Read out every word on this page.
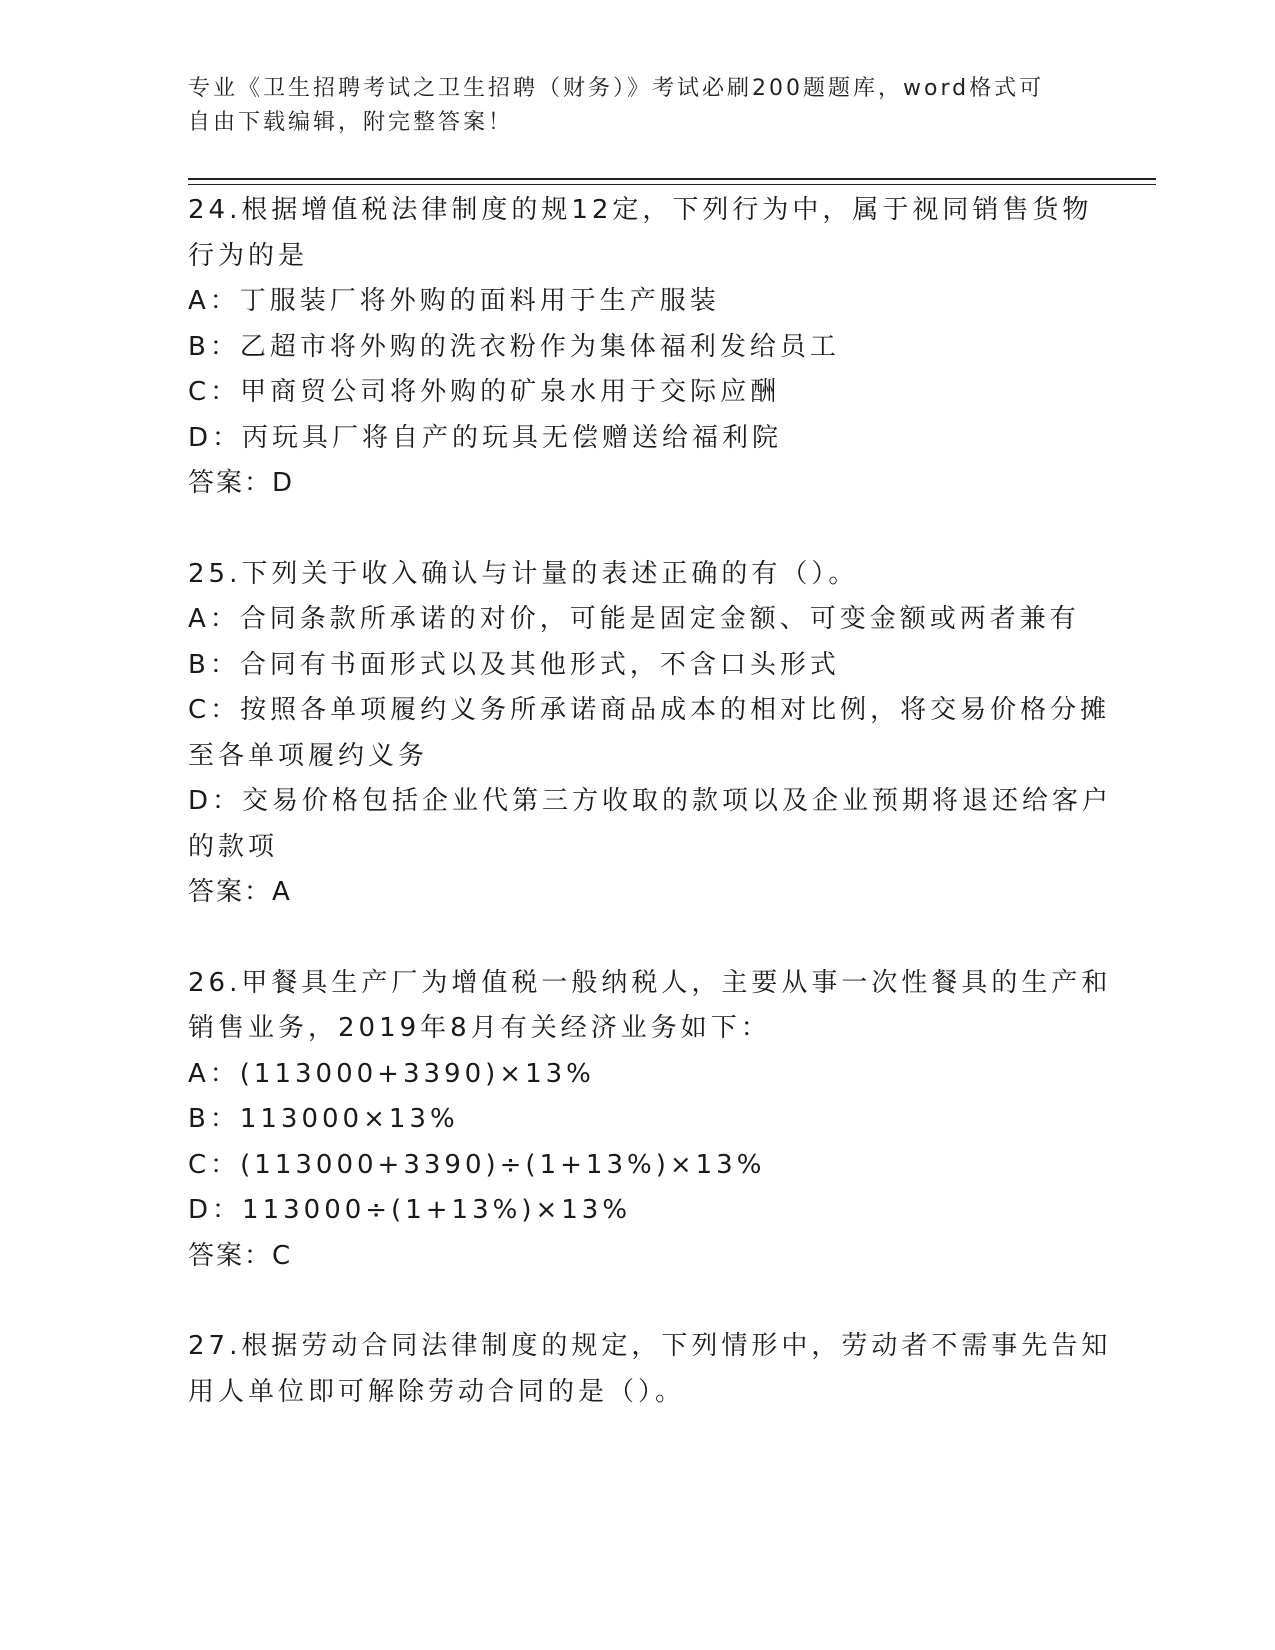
专业《卫生招聘考试之卫生招聘（财务）》考试必刷200题题库，word格式可自由下载编辑，附完整答案！
24.根据增值税法律制度的规12定，下列行为中，属于视同销售货物
行为的是
A：丁服装厂将外购的面料用于生产服装
B：乙超市将外购的洗衣粉作为集体福利发给员工
C：甲商贸公司将外购的矿泉水用于交际应酬
D：丙玩具厂将自产的玩具无偿赠送给福利院
答案：D
25.下列关于收入确认与计量的表述正确的有（）。
A：合同条款所承诺的对价，可能是固定金额、可变金额或两者兼有
B：合同有书面形式以及其他形式，不含口头形式
C：按照各单项履约义务所承诺商品成本的相对比例，将交易价格分摊
至各单项履约义务
D：交易价格包括企业代第三方收取的款项以及企业预期将退还给客户
的款项
答案：A
26.甲餐具生产厂为增值税一般纳税人，主要从事一次性餐具的生产和
销售业务，2019年8月有关经济业务如下：
A：(113000+3390)×13%
B：113000×13%
C：(113000+3390)÷(1+13%)×13%
D：113000÷(1+13%)×13%
答案：C
27.根据劳动合同法律制度的规定，下列情形中，劳动者不需事先告知
用人单位即可解除劳动合同的是（）。
